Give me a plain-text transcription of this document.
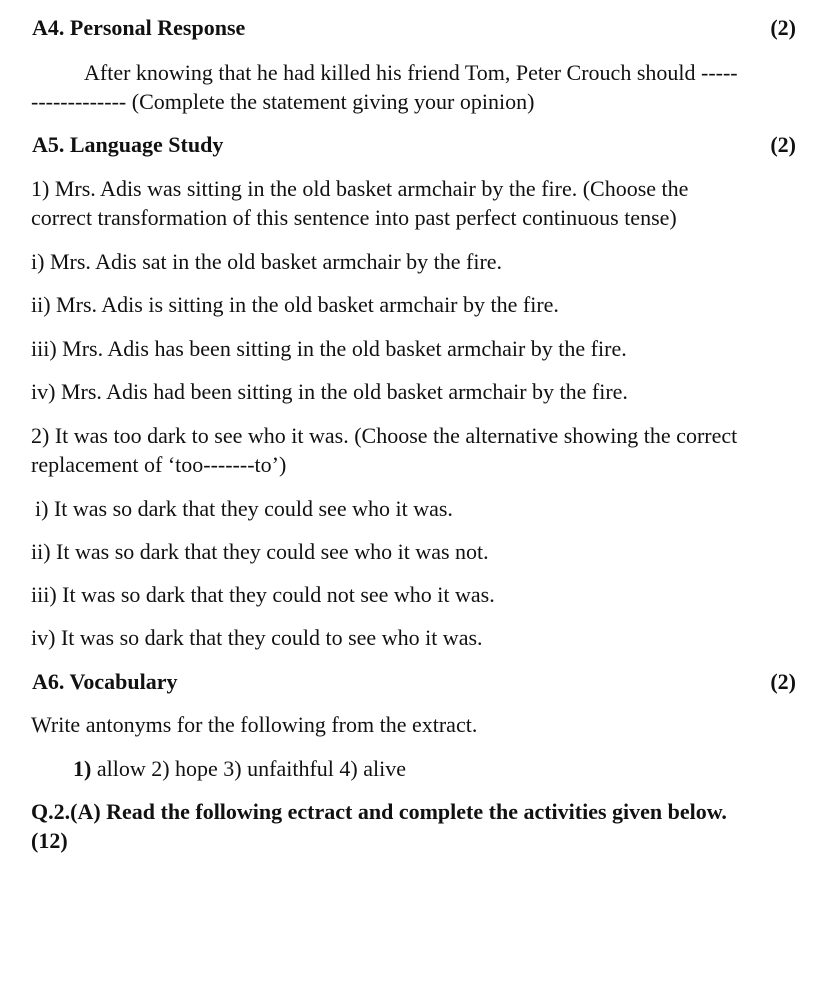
A4. Personal Response	(2)
After knowing that he had killed his friend Tom, Peter Crouch should -----
------------- (Complete the statement giving your opinion)
A5. Language Study	(2)
1) Mrs. Adis was sitting in the old basket armchair by the fire. (Choose the
correct transformation of this sentence into past perfect continuous tense)
i) Mrs. Adis sat in the old basket armchair by the fire.
ii) Mrs. Adis is sitting in the old basket armchair by the fire.
iii) Mrs. Adis has been sitting in the old basket armchair by the fire.
iv) Mrs. Adis had been sitting in the old basket armchair by the fire.
2) It was too dark to see who it was. (Choose the alternative showing the correct
replacement of ‘too-------to’)
i) It was so dark that they could see who it was.
ii) It was so dark that they could see who it was not.
iii) It was so dark that they could not see who it was.
iv) It was so dark that they could to see who it was.
A6. Vocabulary	(2)
Write antonyms for the following from the extract.
1) allow 2) hope 3) unfaithful 4) alive
Q.2.(A) Read the following ectract and complete the activities given below.
(12)
